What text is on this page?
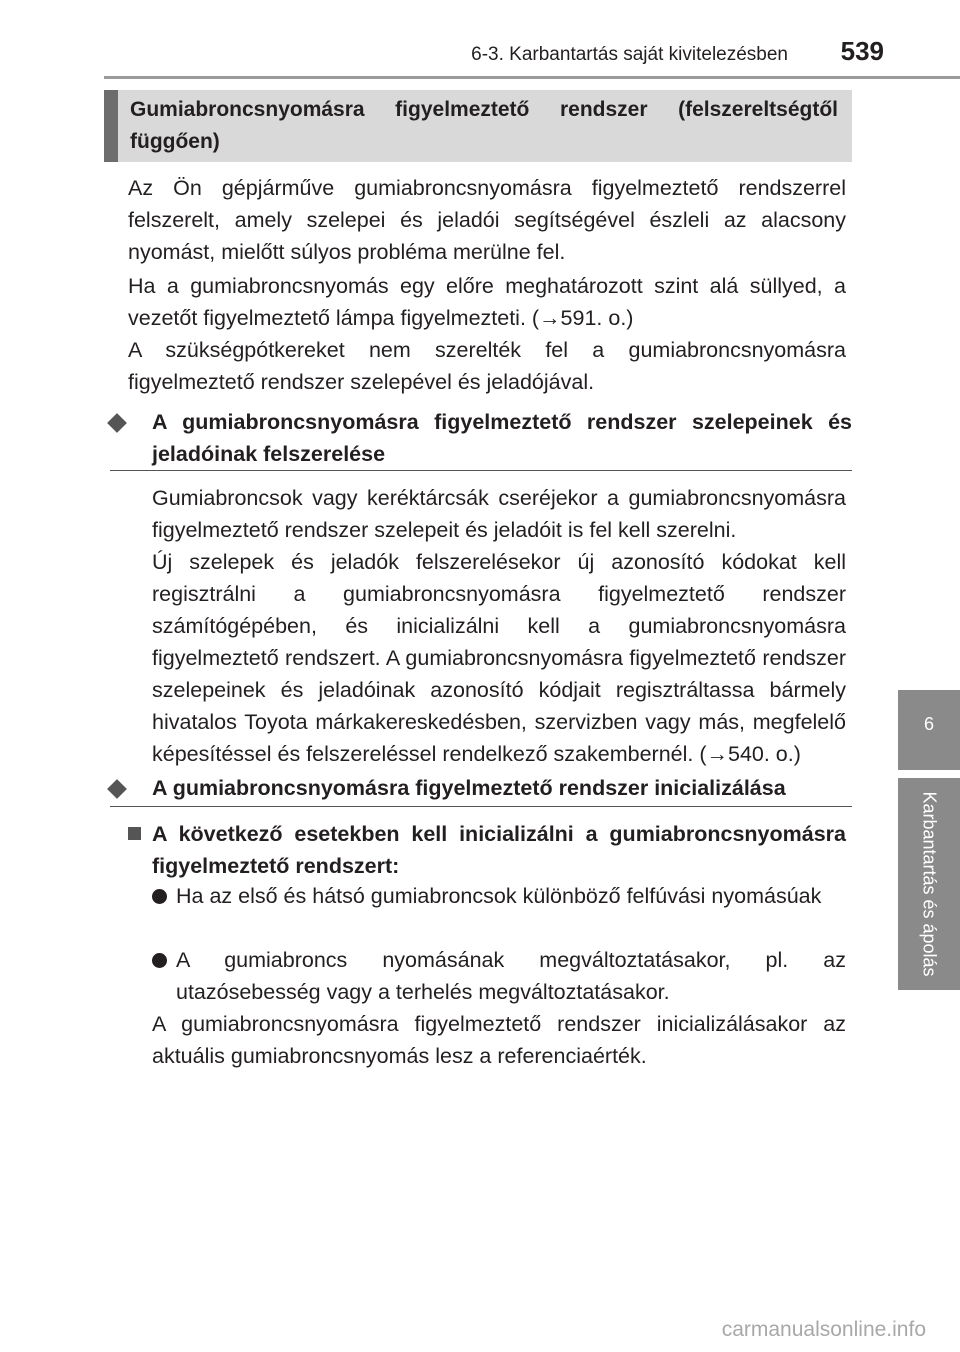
6-3. Karbantartás saját kivitelezésben 539
6
Karbantartás és ápolás
Gumiabroncsnyomásra figyelmeztető rendszer (felszereltségtől függően)

Az Ön gépjárműve gumiabroncsnyomásra figyelmeztető rendszerrel felszerelt, amely szelepei és jeladói segítségével észleli az alacsony nyomást, mielőtt súlyos probléma merülne fel.

Ha a gumiabroncsnyomás egy előre meghatározott szint alá süllyed, a vezetőt figyelmeztető lámpa figyelmezteti. (→591. o.)

A szükségpótkereket nem szerelték fel a gumiabroncsnyomásra figyelmeztető rendszer szelepével és jeladójával.

A gumiabroncsnyomásra figyelmeztető rendszer szelepeinek és jeladóinak felszerelése

Gumiabroncsok vagy keréktárcsák cseréjekor a gumiabroncsnyomásra figyelmeztető rendszer szelepeit és jeladóit is fel kell szerelni.

Új szelepek és jeladók felszerelésekor új azonosító kódokat kell regisztrálni a gumiabroncsnyomásra figyelmeztető rendszer számítógépében, és inicializálni kell a gumiabroncsnyomásra figyelmeztető rendszert. A gumiabroncsnyomásra figyelmeztető rendszer szelepeinek és jeladóinak azonosító kódjait regisztráltassa bármely hivatalos Toyota márkakereskedésben, szervizben vagy más, megfelelő képesítéssel és felszereléssel rendelkező szakembernél. (→540. o.)

A gumiabroncsnyomásra figyelmeztető rendszer inicializálása
A következő esetekben kell inicializálni a gumiabroncsnyomásra figyelmeztető rendszert:
Ha az első és hátsó gumiabroncsok különböző felfúvási nyomásúak
A gumiabroncs nyomásának megváltoztatásakor, pl. az utazósebesség vagy a terhelés megváltoztatásakor.

A gumiabroncsnyomásra figyelmeztető rendszer inicializálásakor az aktuális gumiabroncsnyomás lesz a referenciaérték.

carmanualsonline.info
